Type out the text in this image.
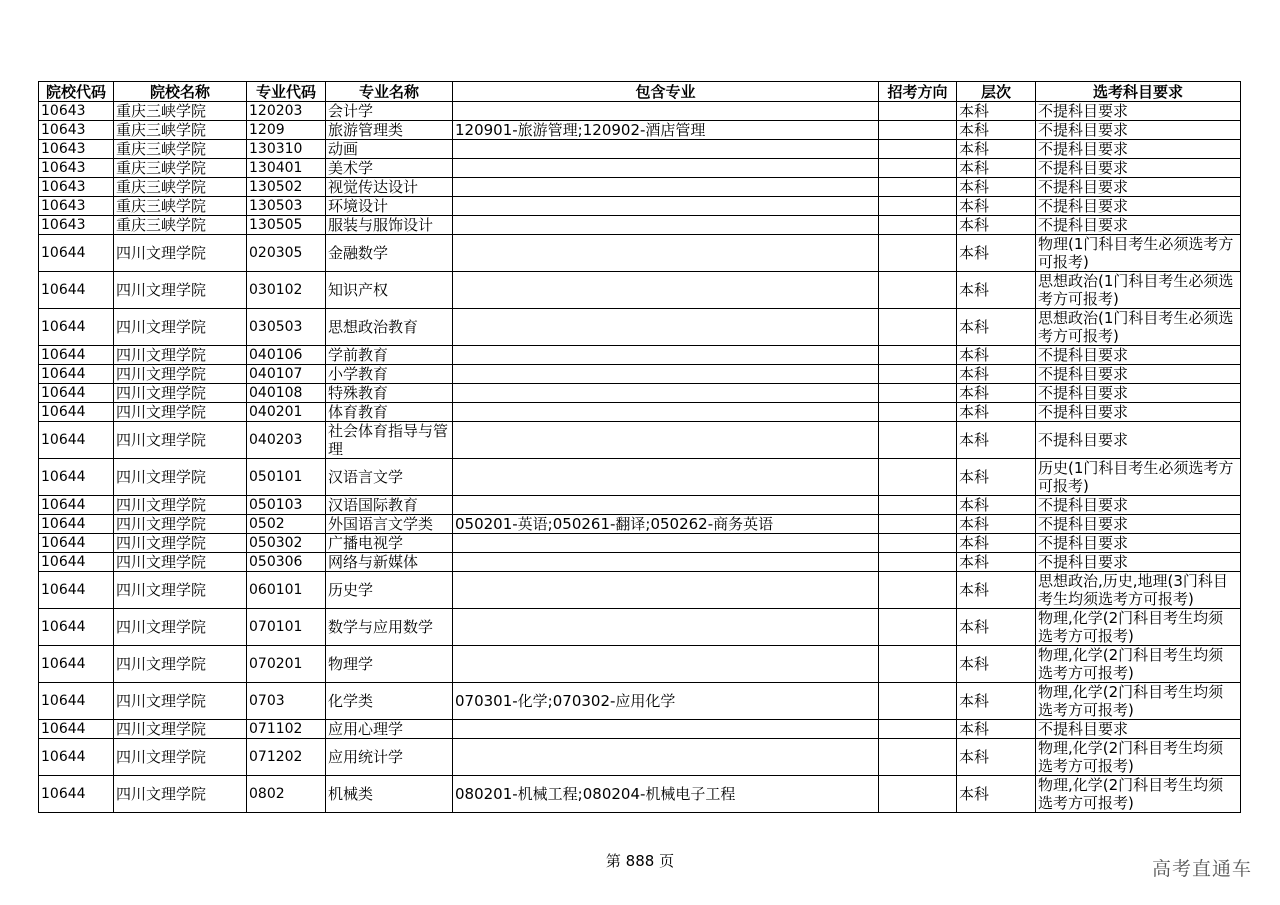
院校代码	院校名称	专业代码	专业名称	包含专业	招考方向	层次	选考科目要求
10643	重庆三峡学院	120203	会计学			本科	不提科目要求
10643	重庆三峡学院	1209	旅游管理类	120901-旅游管理;120902-酒店管理		本科	不提科目要求
10643	重庆三峡学院	130310	动画			本科	不提科目要求
10643	重庆三峡学院	130401	美术学			本科	不提科目要求
10643	重庆三峡学院	130502	视觉传达设计			本科	不提科目要求
10643	重庆三峡学院	130503	环境设计			本科	不提科目要求
10643	重庆三峡学院	130505	服装与服饰设计			本科	不提科目要求
10644	四川文理学院	020305	金融数学			本科	物理(1门科目考生必须选考方可报考)
10644	四川文理学院	030102	知识产权			本科	思想政治(1门科目考生必须选考方可报考)
10644	四川文理学院	030503	思想政治教育			本科	思想政治(1门科目考生必须选考方可报考)
10644	四川文理学院	040106	学前教育			本科	不提科目要求
10644	四川文理学院	040107	小学教育			本科	不提科目要求
10644	四川文理学院	040108	特殊教育			本科	不提科目要求
10644	四川文理学院	040201	体育教育			本科	不提科目要求
10644	四川文理学院	040203	社会体育指导与管理			本科	不提科目要求
10644	四川文理学院	050101	汉语言文学			本科	历史(1门科目考生必须选考方可报考)
10644	四川文理学院	050103	汉语国际教育			本科	不提科目要求
10644	四川文理学院	0502	外国语言文学类	050201-英语;050261-翻译;050262-商务英语		本科	不提科目要求
10644	四川文理学院	050302	广播电视学			本科	不提科目要求
10644	四川文理学院	050306	网络与新媒体			本科	不提科目要求
10644	四川文理学院	060101	历史学			本科	思想政治,历史,地理(3门科目考生均须选考方可报考)
10644	四川文理学院	070101	数学与应用数学			本科	物理,化学(2门科目考生均须选考方可报考)
10644	四川文理学院	070201	物理学			本科	物理,化学(2门科目考生均须选考方可报考)
10644	四川文理学院	0703	化学类	070301-化学;070302-应用化学		本科	物理,化学(2门科目考生均须选考方可报考)
10644	四川文理学院	071102	应用心理学			本科	不提科目要求
10644	四川文理学院	071202	应用统计学			本科	物理,化学(2门科目考生均须选考方可报考)
10644	四川文理学院	0802	机械类	080201-机械工程;080204-机械电子工程		本科	物理,化学(2门科目考生均须选考方可报考)
第 888 页	高考直通车
